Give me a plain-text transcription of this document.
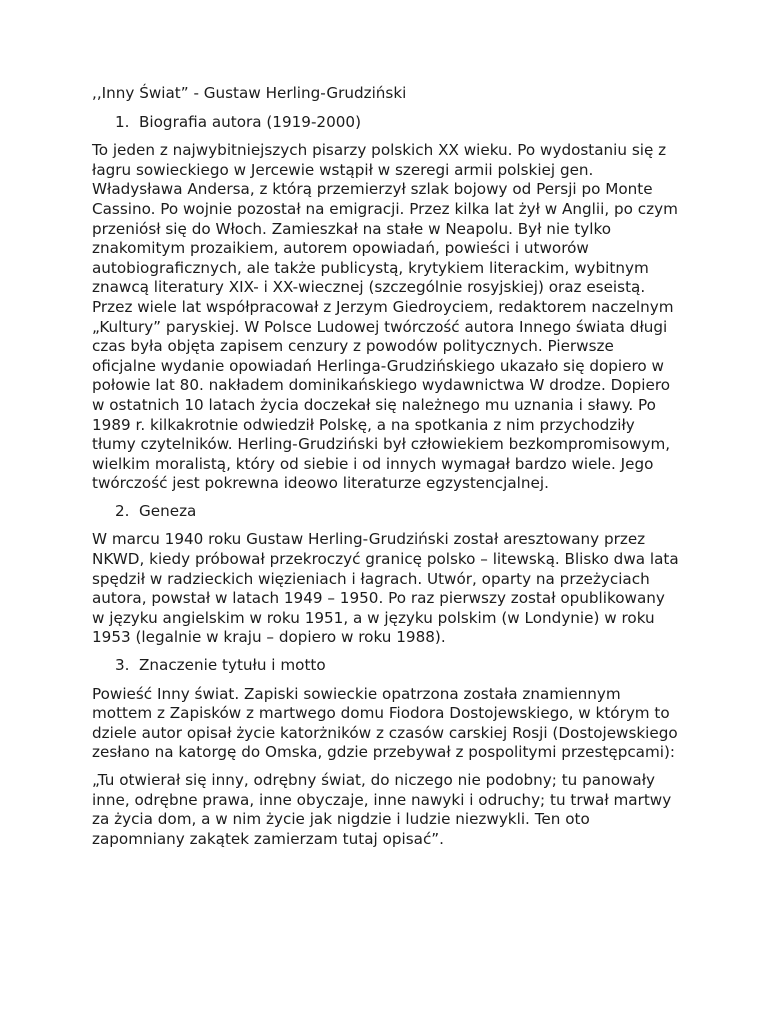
,,Inny Świat” - Gustaw Herling-Grudziński

1. Biografia autora (1919-2000)

To jeden z najwybitniejszych pisarzy polskich XX wieku. Po wydostaniu się z łagru sowieckiego w Jercewie wstąpił w szeregi armii polskiej gen. Władysława Andersa, z którą przemierzył szlak bojowy od Persji po Monte Cassino. Po wojnie pozostał na emigracji. Przez kilka lat żył w Anglii, po czym przeniósł się do Włoch. Zamieszkał na stałe w Neapolu. Był nie tylko znakomitym prozaikiem, autorem opowiadań, powieści i utworów autobiograficznych, ale także publicystą, krytykiem literackim, wybitnym znawcą literatury XIX- i XX-wiecznej (szczególnie rosyjskiej) oraz eseistą. Przez wiele lat współpracował z Jerzym Giedroyciem, redaktorem naczelnym „Kultury” paryskiej. W Polsce Ludowej twórczość autora Innego świata długi czas była objęta zapisem cenzury z powodów politycznych. Pierwsze oficjalne wydanie opowiadań Herlinga-Grudzińskiego ukazało się dopiero w połowie lat 80. nakładem dominikańskiego wydawnictwa W drodze. Dopiero w ostatnich 10 latach życia doczekał się należnego mu uznania i sławy. Po 1989 r. kilkakrotnie odwiedził Polskę, a na spotkania z nim przychodziły tłumy czytelników. Herling-Grudziński był człowiekiem bezkompromisowym, wielkim moralistą, który od siebie i od innych wymagał bardzo wiele. Jego twórczość jest pokrewna ideowo literaturze egzystencjalnej.

2. Geneza

W marcu 1940 roku Gustaw Herling-Grudziński został aresztowany przez NKWD, kiedy próbował przekroczyć granicę polsko – litewską. Blisko dwa lata spędził w radzieckich więzieniach i łagrach. Utwór, oparty na przeżyciach autora, powstał w latach 1949 – 1950. Po raz pierwszy został opublikowany w języku angielskim w roku 1951, a w języku polskim (w Londynie) w roku 1953 (legalnie w kraju – dopiero w roku 1988).

3. Znaczenie tytułu i motto

Powieść Inny świat. Zapiski sowieckie opatrzona została znamiennym mottem z Zapisków z martwego domu Fiodora Dostojewskiego, w którym to dziele autor opisał życie katorżników z czasów carskiej Rosji (Dostojewskiego zesłano na katorgę do Omska, gdzie przebywał z pospolitymi przestępcami):

„Tu otwierał się inny, odrębny świat, do niczego nie podobny; tu panowały inne, odrębne prawa, inne obyczaje, inne nawyki i odruchy; tu trwał martwy za życia dom, a w nim życie jak nigdzie i ludzie niezwykli. Ten oto zapomniany zakątek zamierzam tutaj opisać”.
